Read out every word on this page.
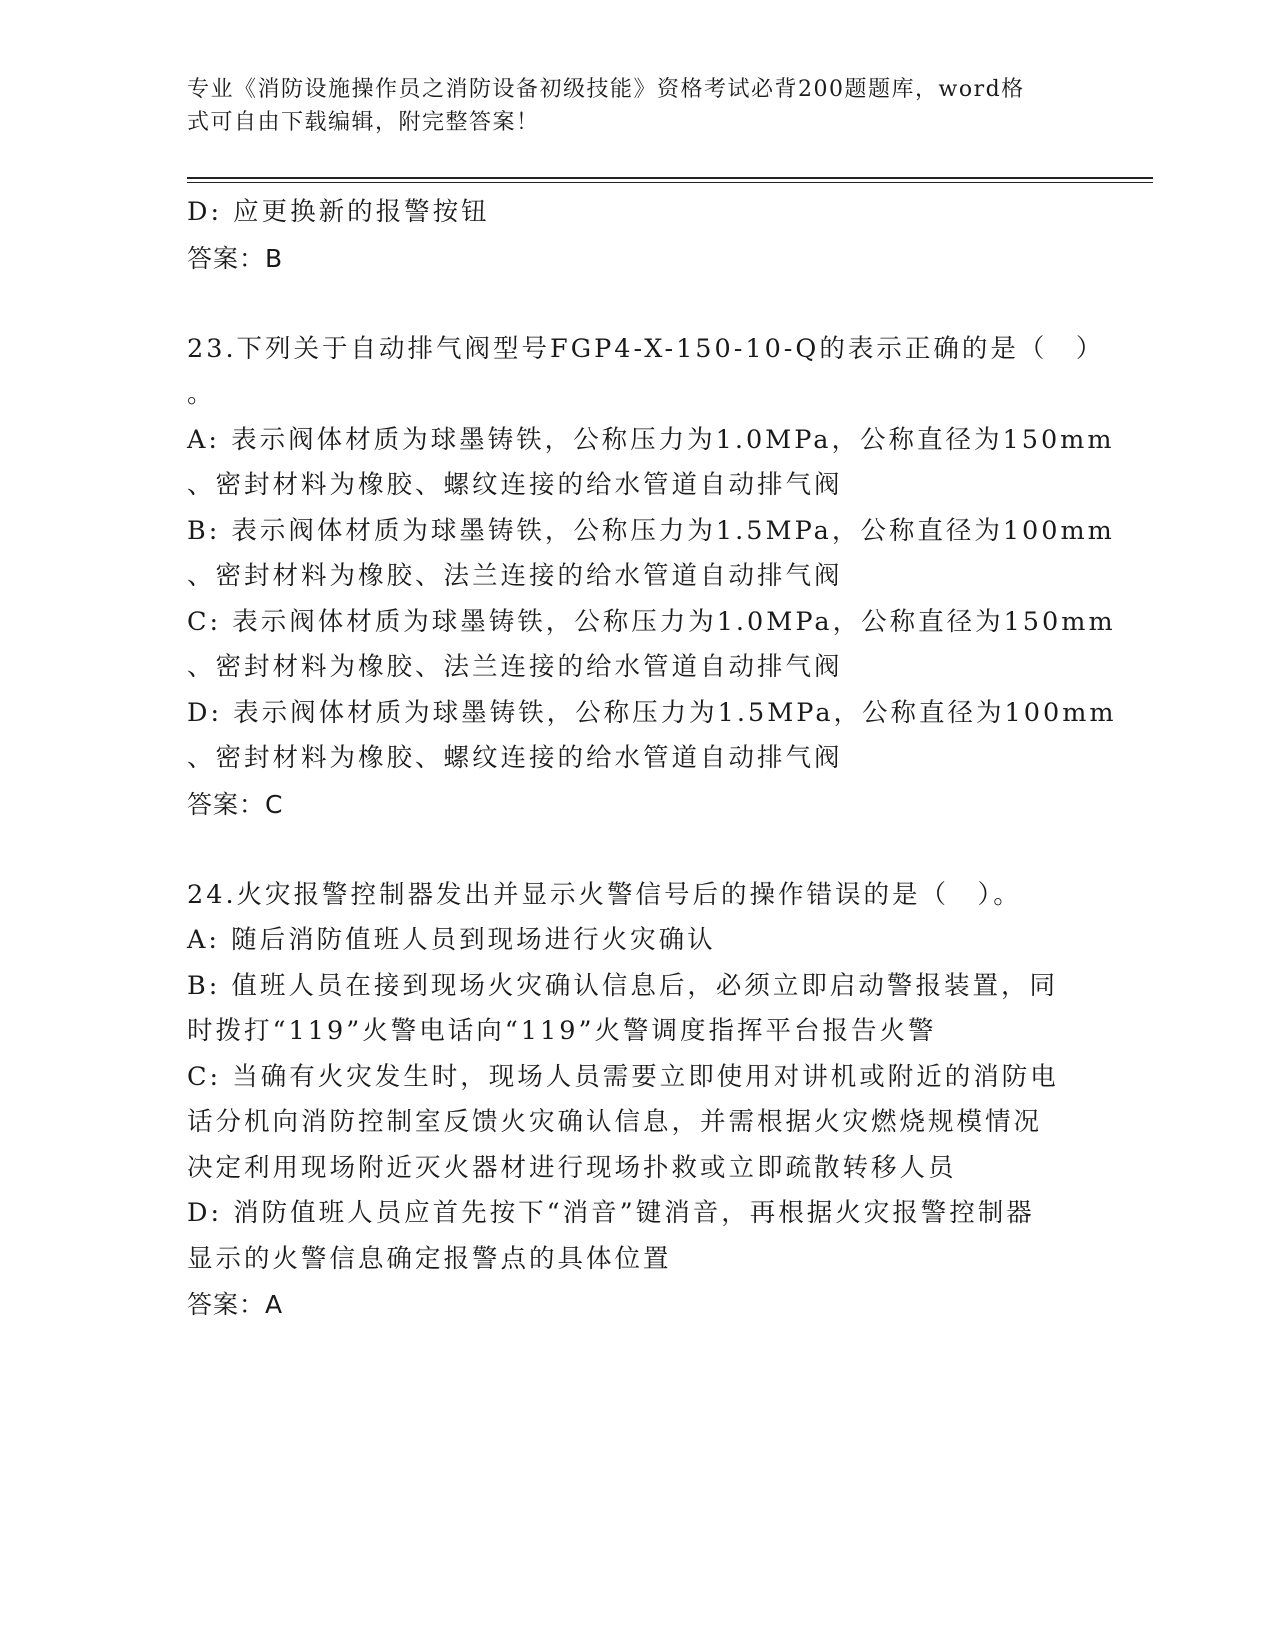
专业《消防设施操作员之消防设备初级技能》资格考试必背200题题库，word格
式可自由下载编辑，附完整答案！
D: 应更换新的报警按钮
答案：B
23.下列关于自动排气阀型号FGP4-X-150-10-Q的表示正确的是（　）
。
A: 表示阀体材质为球墨铸铁，公称压力为1.0MPa，公称直径为150mm
、密封材料为橡胶、螺纹连接的给水管道自动排气阀
B: 表示阀体材质为球墨铸铁，公称压力为1.5MPa，公称直径为100mm
、密封材料为橡胶、法兰连接的给水管道自动排气阀
C: 表示阀体材质为球墨铸铁，公称压力为1.0MPa，公称直径为150mm
、密封材料为橡胶、法兰连接的给水管道自动排气阀
D: 表示阀体材质为球墨铸铁，公称压力为1.5MPa，公称直径为100mm
、密封材料为橡胶、螺纹连接的给水管道自动排气阀
答案：C
24.火灾报警控制器发出并显示火警信号后的操作错误的是（　）。
A: 随后消防值班人员到现场进行火灾确认
B: 值班人员在接到现场火灾确认信息后，必须立即启动警报装置，同
时拨打“119”火警电话向“119”火警调度指挥平台报告火警
C: 当确有火灾发生时，现场人员需要立即使用对讲机或附近的消防电
话分机向消防控制室反馈火灾确认信息，并需根据火灾燃烧规模情况
决定利用现场附近灭火器材进行现场扑救或立即疏散转移人员
D: 消防值班人员应首先按下“消音”键消音，再根据火灾报警控制器
显示的火警信息确定报警点的具体位置
答案：A
